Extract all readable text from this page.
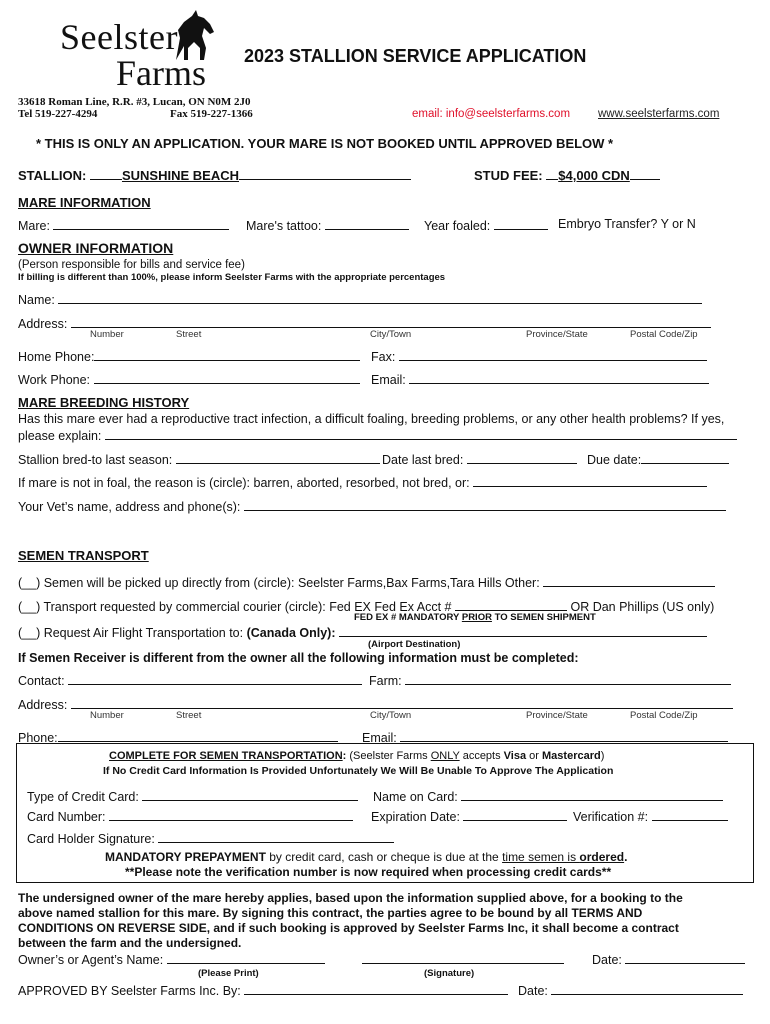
Seelster
Farms 2023 STALLION SERVICE APPLICATION
33618 Roman Line, R.R. #3, Lucan, ON N0M 2J0
Tel 519-227-4294	Fax 519-227-1366	email: info@seelsterfarms.com www.seelsterfarms.com
* THIS IS ONLY AN APPLICATION. YOUR MARE IS NOT BOOKED UNTIL APPROVED BELOW *
STALLION:	SUNSHINE BEACH	STUD FEE: $4,000 CDN
MARE INFORMATION
Mare:	Mare's tattoo:	Year foaled:	Embryo Transfer? Y or N
OWNER INFORMATION
(Person responsible for bills and service fee)
If billing is different than 100%, please inform Seelster Farms with the appropriate percentages
Name:
Address:
Number	Street	City/Town	Province/State	Postal Code/Zip
Home Phone:	Fax:
Work Phone:	Email:
MARE BREEDING HISTORY
Has this mare ever had a reproductive tract infection, a difficult foaling, breeding problems, or any other health problems? If yes,
please explain:
Stallion bred-to last season:	Date last bred:	Due date:
If mare is not in foal, the reason is (circle): barren, aborted, resorbed, not bred, or:
Your Vet’s name, address and phone(s):
SEMEN TRANSPORT
(__) Semen will be picked up directly from (circle): Seelster Farms,Bax Farms,Tara Hills Other:
(__) Transport requested by commercial courier (circle): Fed EX Fed Ex Acct #	OR Dan Phillips (US only)
FED EX # MANDATORY PRIOR TO SEMEN SHIPMENT
(__) Request Air Flight Transportation to: (Canada Only):
(Airport Destination)
If Semen Receiver is different from the owner all the following information must be completed:
Contact:	Farm:
Address:
Number	Street	City/Town	Province/State	Postal Code/Zip
Phone:	Email:
COMPLETE FOR SEMEN TRANSPORTATION: (Seelster Farms ONLY accepts Visa or Mastercard)
If No Credit Card Information Is Provided Unfortunately We Will Be Unable To Approve The Application
Type of Credit Card:	Name on Card:
Card Number:	Expiration Date:	Verification #:
Card Holder Signature:
MANDATORY PREPAYMENT by credit card, cash or cheque is due at the time semen is ordered.
**Please note the verification number is now required when processing credit cards**
The undersigned owner of the mare hereby applies, based upon the information supplied above, for a booking to the
above named stallion for this mare. By signing this contract, the parties agree to be bound by all TERMS AND
CONDITIONS ON REVERSE SIDE, and if such booking is approved by Seelster Farms Inc, it shall become a contract
between the farm and the undersigned.
Owner’s or Agent’s Name:	Date:
(Please Print)	(Signature)
APPROVED BY Seelster Farms Inc. By:	Date:
